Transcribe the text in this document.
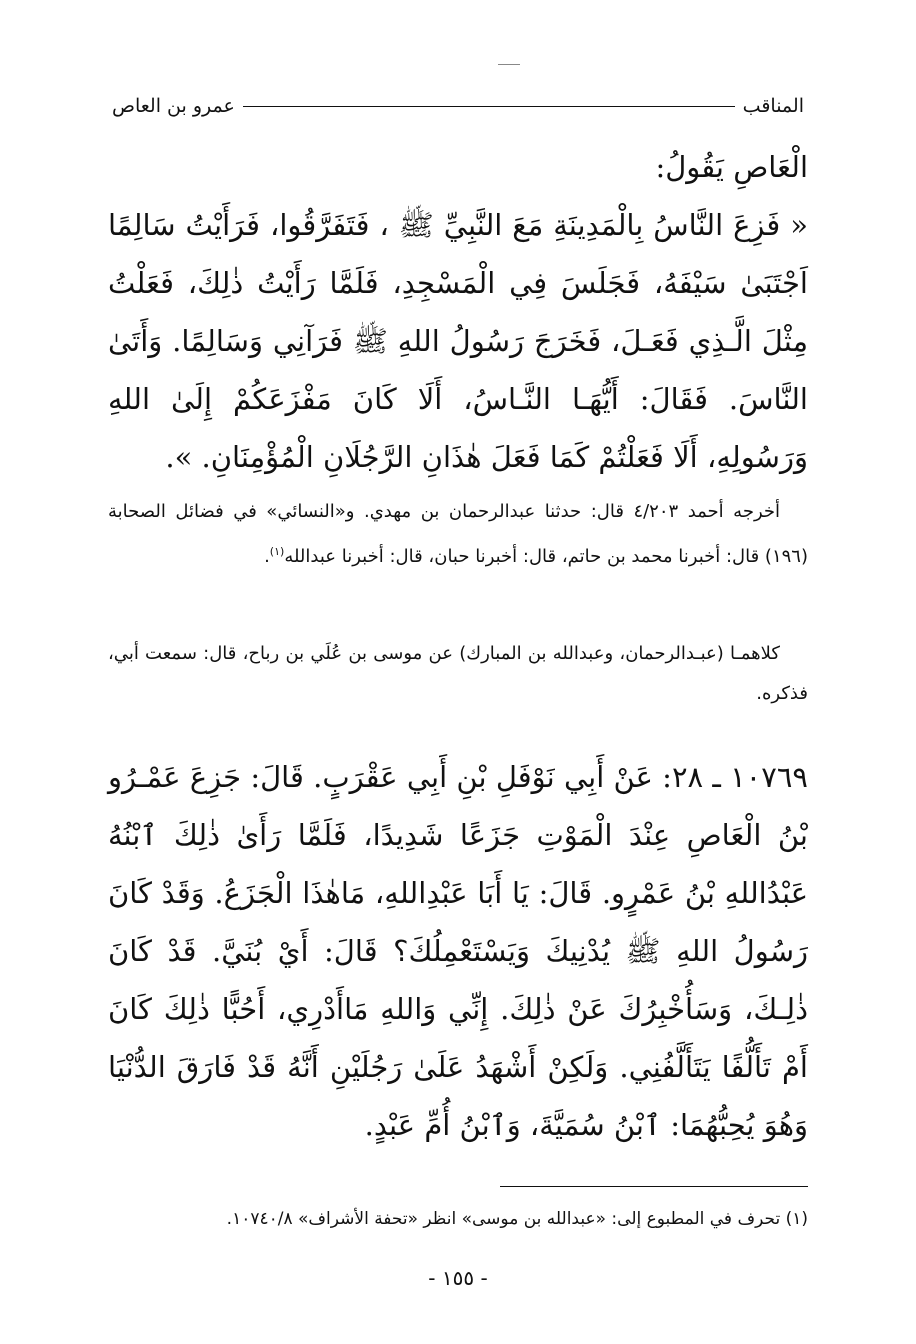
المناقب
عمرو بن العاص

الْعَاصِ يَقُولُ:

« فَزِعَ النَّاسُ بِالْمَدِينَةِ مَعَ النَّبِيِّ ﷺ ، فَتَفَرَّقُوا، فَرَأَيْتُ سَالِمًا اَجْتَبَىٰ سَيْفَهُ، فَجَلَسَ فِي الْمَسْجِدِ، فَلَمَّا رَأَيْتُ ذٰلِكَ، فَعَلْتُ مِثْلَ الَّـذِي فَعَـلَ، فَخَرَجَ رَسُولُ اللهِ ﷺ فَرَآنِي وَسَالِمًا. وَأَتَىٰ النَّاسَ. فَقَالَ: أَيُّهَـا النَّـاسُ، أَلَا كَانَ مَفْزَعَكُمْ إِلَىٰ اللهِ وَرَسُولِهِ، أَلَا فَعَلْتُمْ كَمَا فَعَلَ هٰذَانِ الرَّجُلَانِ الْمُؤْمِنَانِ. ».

أخرجه أحمد ٤/٢٠٣ قال: حدثنا عبدالرحمان بن مهدي. و«النسائي» في فضائل الصحابة (١٩٦) قال: أخبرنا محمد بن حاتم، قال: أخبرنا حبان، قال: أخبرنا عبدالله$^{(١)}$.

كلاهمـا (عبـدالرحمان، وعبدالله بن المبارك) عن موسى بن عُلَي بن رباح، قال: سمعت أبي، فذكره.

١٠٧٦٩ ـ ٢٨: عَنْ أَبِي نَوْفَلِ بْنِ أَبِي عَقْرَبٍ. قَالَ: جَزِعَ عَمْـرُو بْنُ الْعَاصِ عِنْدَ الْمَوْتِ جَزَعًا شَدِيدًا، فَلَمَّا رَأَىٰ ذٰلِكَ ٱبْنُهُ عَبْدُاللهِ بْنُ عَمْرٍو. قَالَ: يَا أَبَا عَبْدِاللهِ، مَاهٰذَا الْجَزَعُ. وَقَدْ كَانَ رَسُولُ اللهِ ﷺ يُدْنِيكَ وَيَسْتَعْمِلُكَ؟ قَالَ: أَيْ بُنَيَّ. قَدْ كَانَ ذٰلِـكَ، وَسَأُخْبِرُكَ عَنْ ذٰلِكَ. إِنِّي وَاللهِ مَاأَدْرِي، أَحُبًّا ذٰلِكَ كَانَ أَمْ تَأَلُّفًا يَتَأَلَّفُنِي. وَلَكِنْ أَشْهَدُ عَلَىٰ رَجُلَيْنِ أَنَّهُ قَدْ فَارَقَ الدُّنْيَا وَهُوَ يُحِبُّهُمَا: ٱبْنُ سُمَيَّةَ، وَٱبْنُ أُمِّ عَبْدٍ.

(١) تحرف في المطبوع إلى: «عبدالله بن موسى» انظر «تحفة الأشراف» ١٠٧٤٠/٨.
- ١٥٥ -
